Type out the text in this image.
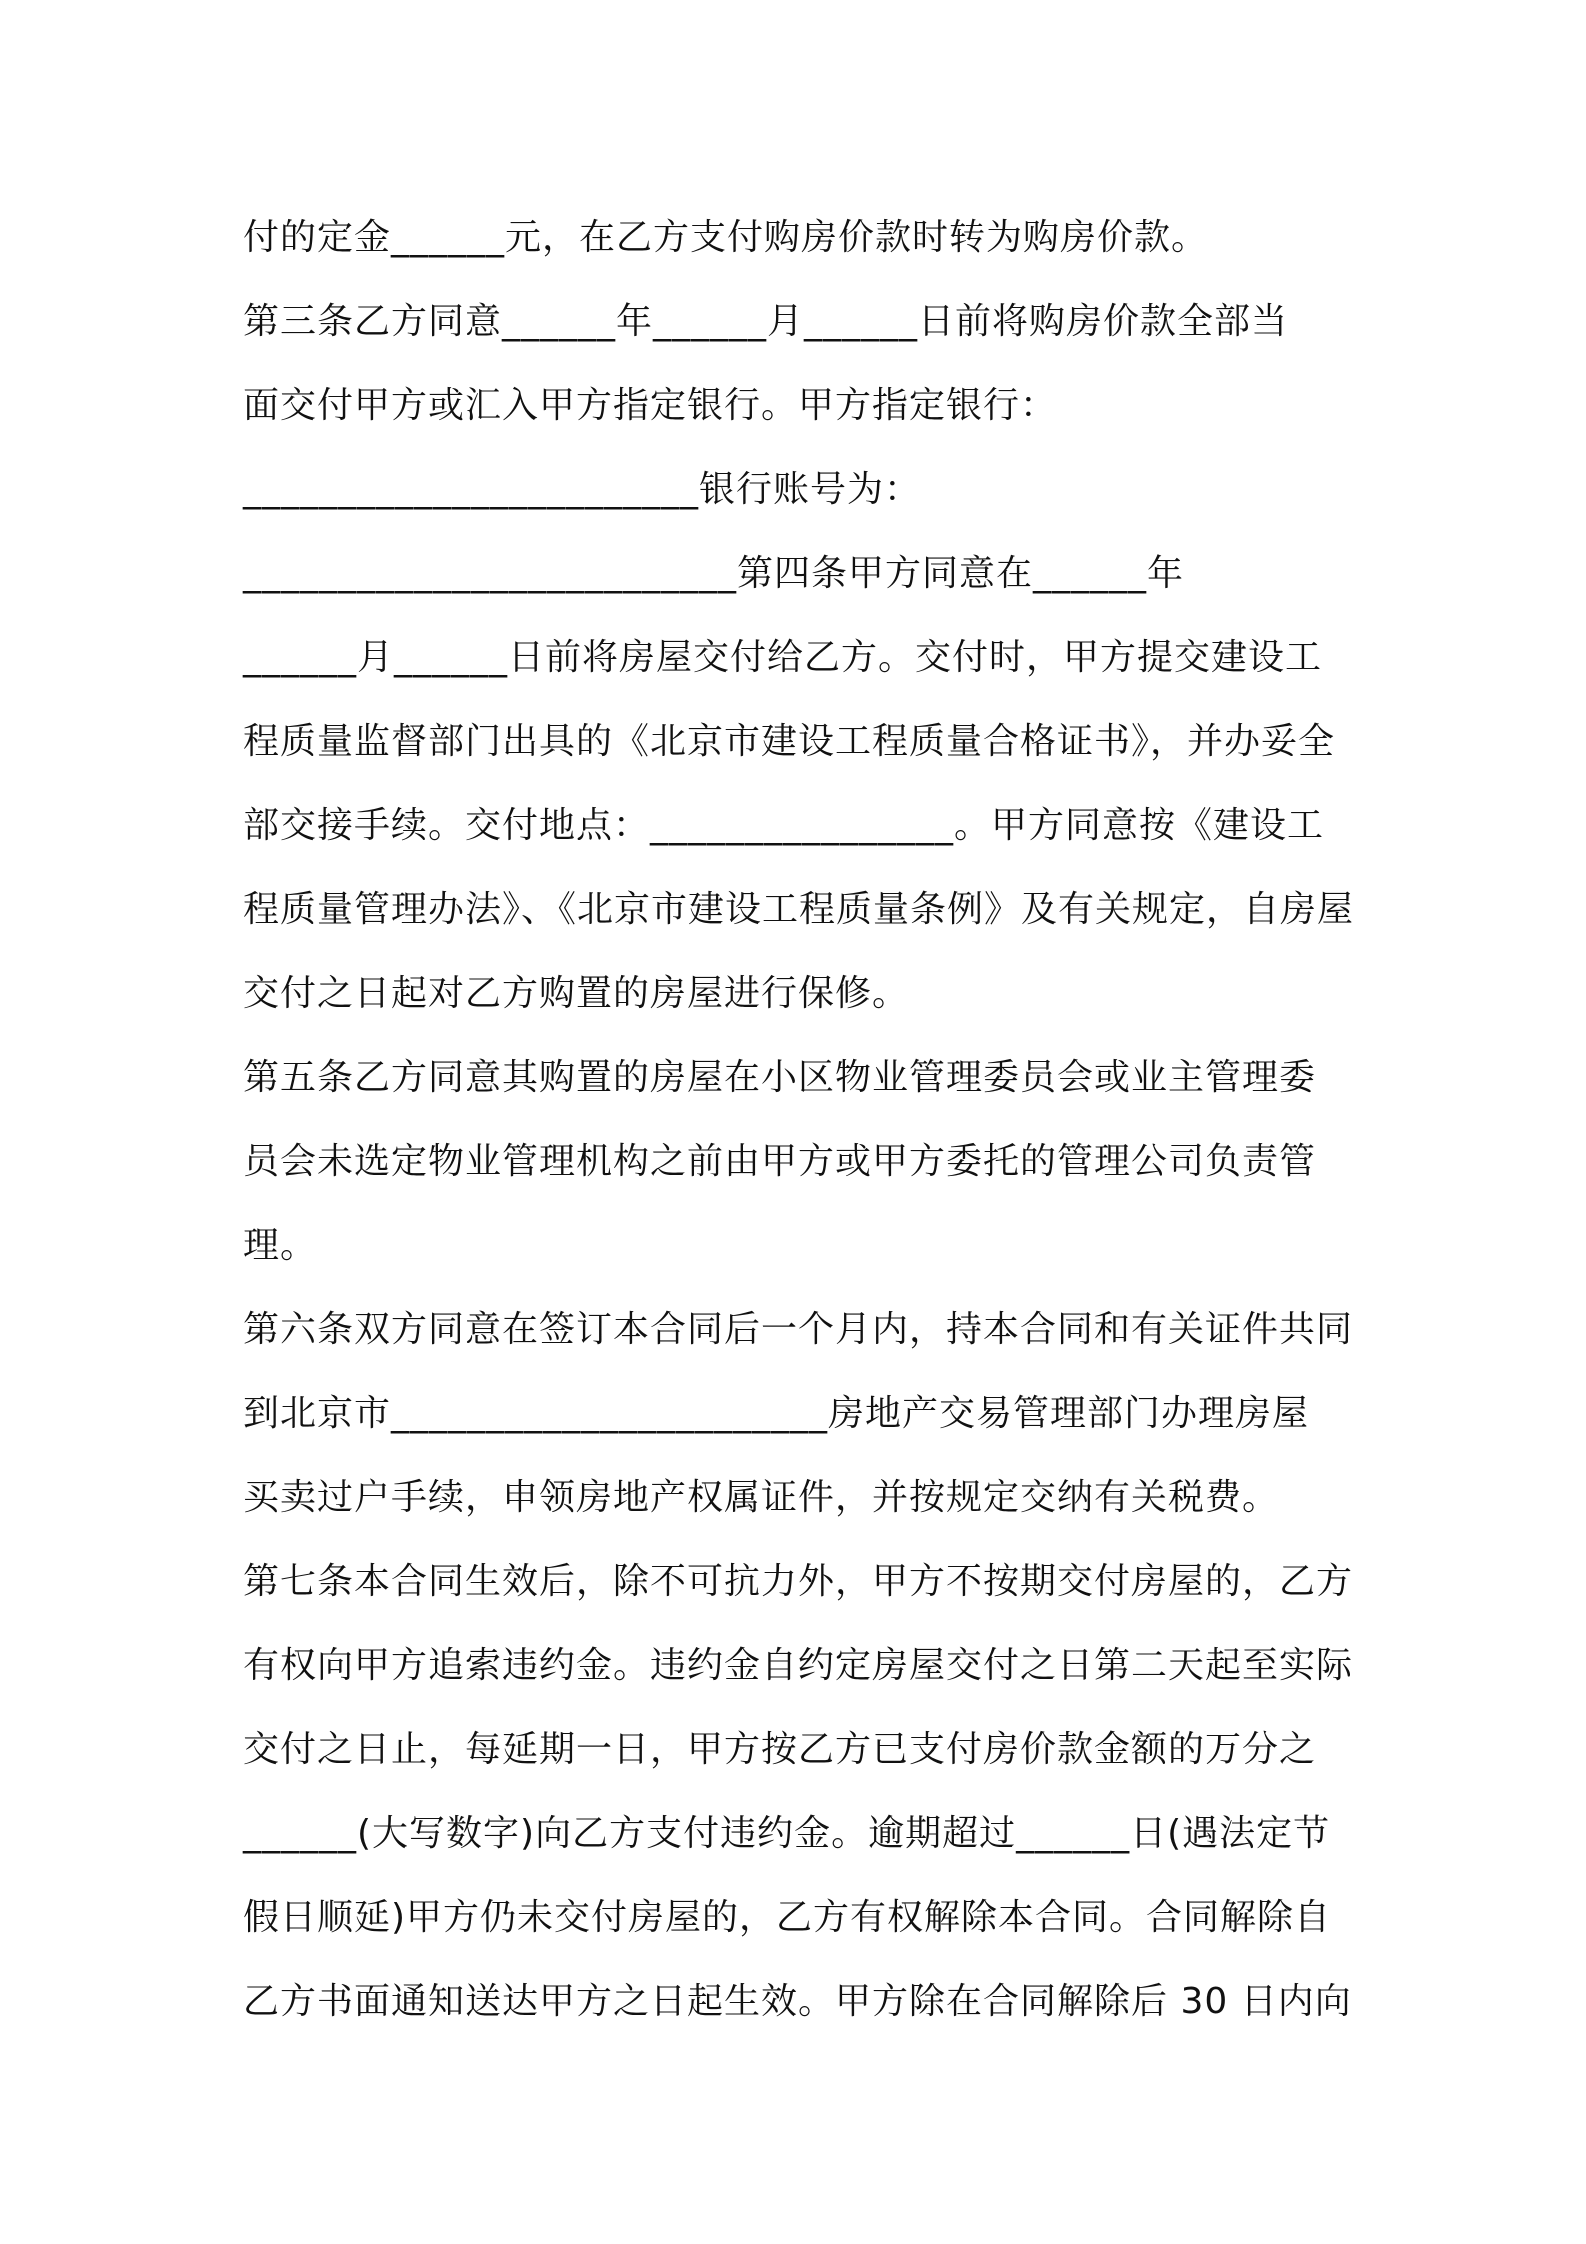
付的定金______元，在乙方支付购房价款时转为购房价款。
第三条乙方同意______年______月______日前将购房价款全部当
面交付甲方或汇入甲方指定银行。甲方指定银行：
________________________银行账号为：
__________________________第四条甲方同意在______年
______月______日前将房屋交付给乙方。交付时，甲方提交建设工
程质量监督部门出具的《北京市建设工程质量合格证书》，并办妥全
部交接手续。交付地点：________________。甲方同意按《建设工
程质量管理办法》、《北京市建设工程质量条例》及有关规定，自房屋
交付之日起对乙方购置的房屋进行保修。
第五条乙方同意其购置的房屋在小区物业管理委员会或业主管理委
员会未选定物业管理机构之前由甲方或甲方委托的管理公司负责管
理。
第六条双方同意在签订本合同后一个月内，持本合同和有关证件共同
到北京市_______________________房地产交易管理部门办理房屋
买卖过户手续，申领房地产权属证件，并按规定交纳有关税费。
第七条本合同生效后，除不可抗力外，甲方不按期交付房屋的，乙方
有权向甲方追索违约金。违约金自约定房屋交付之日第二天起至实际
交付之日止，每延期一日，甲方按乙方已支付房价款金额的万分之
______(大写数字)向乙方支付违约金。逾期超过______日(遇法定节
假日顺延)甲方仍未交付房屋的，乙方有权解除本合同。合同解除自
乙方书面通知送达甲方之日起生效。甲方除在合同解除后 30 日内向
